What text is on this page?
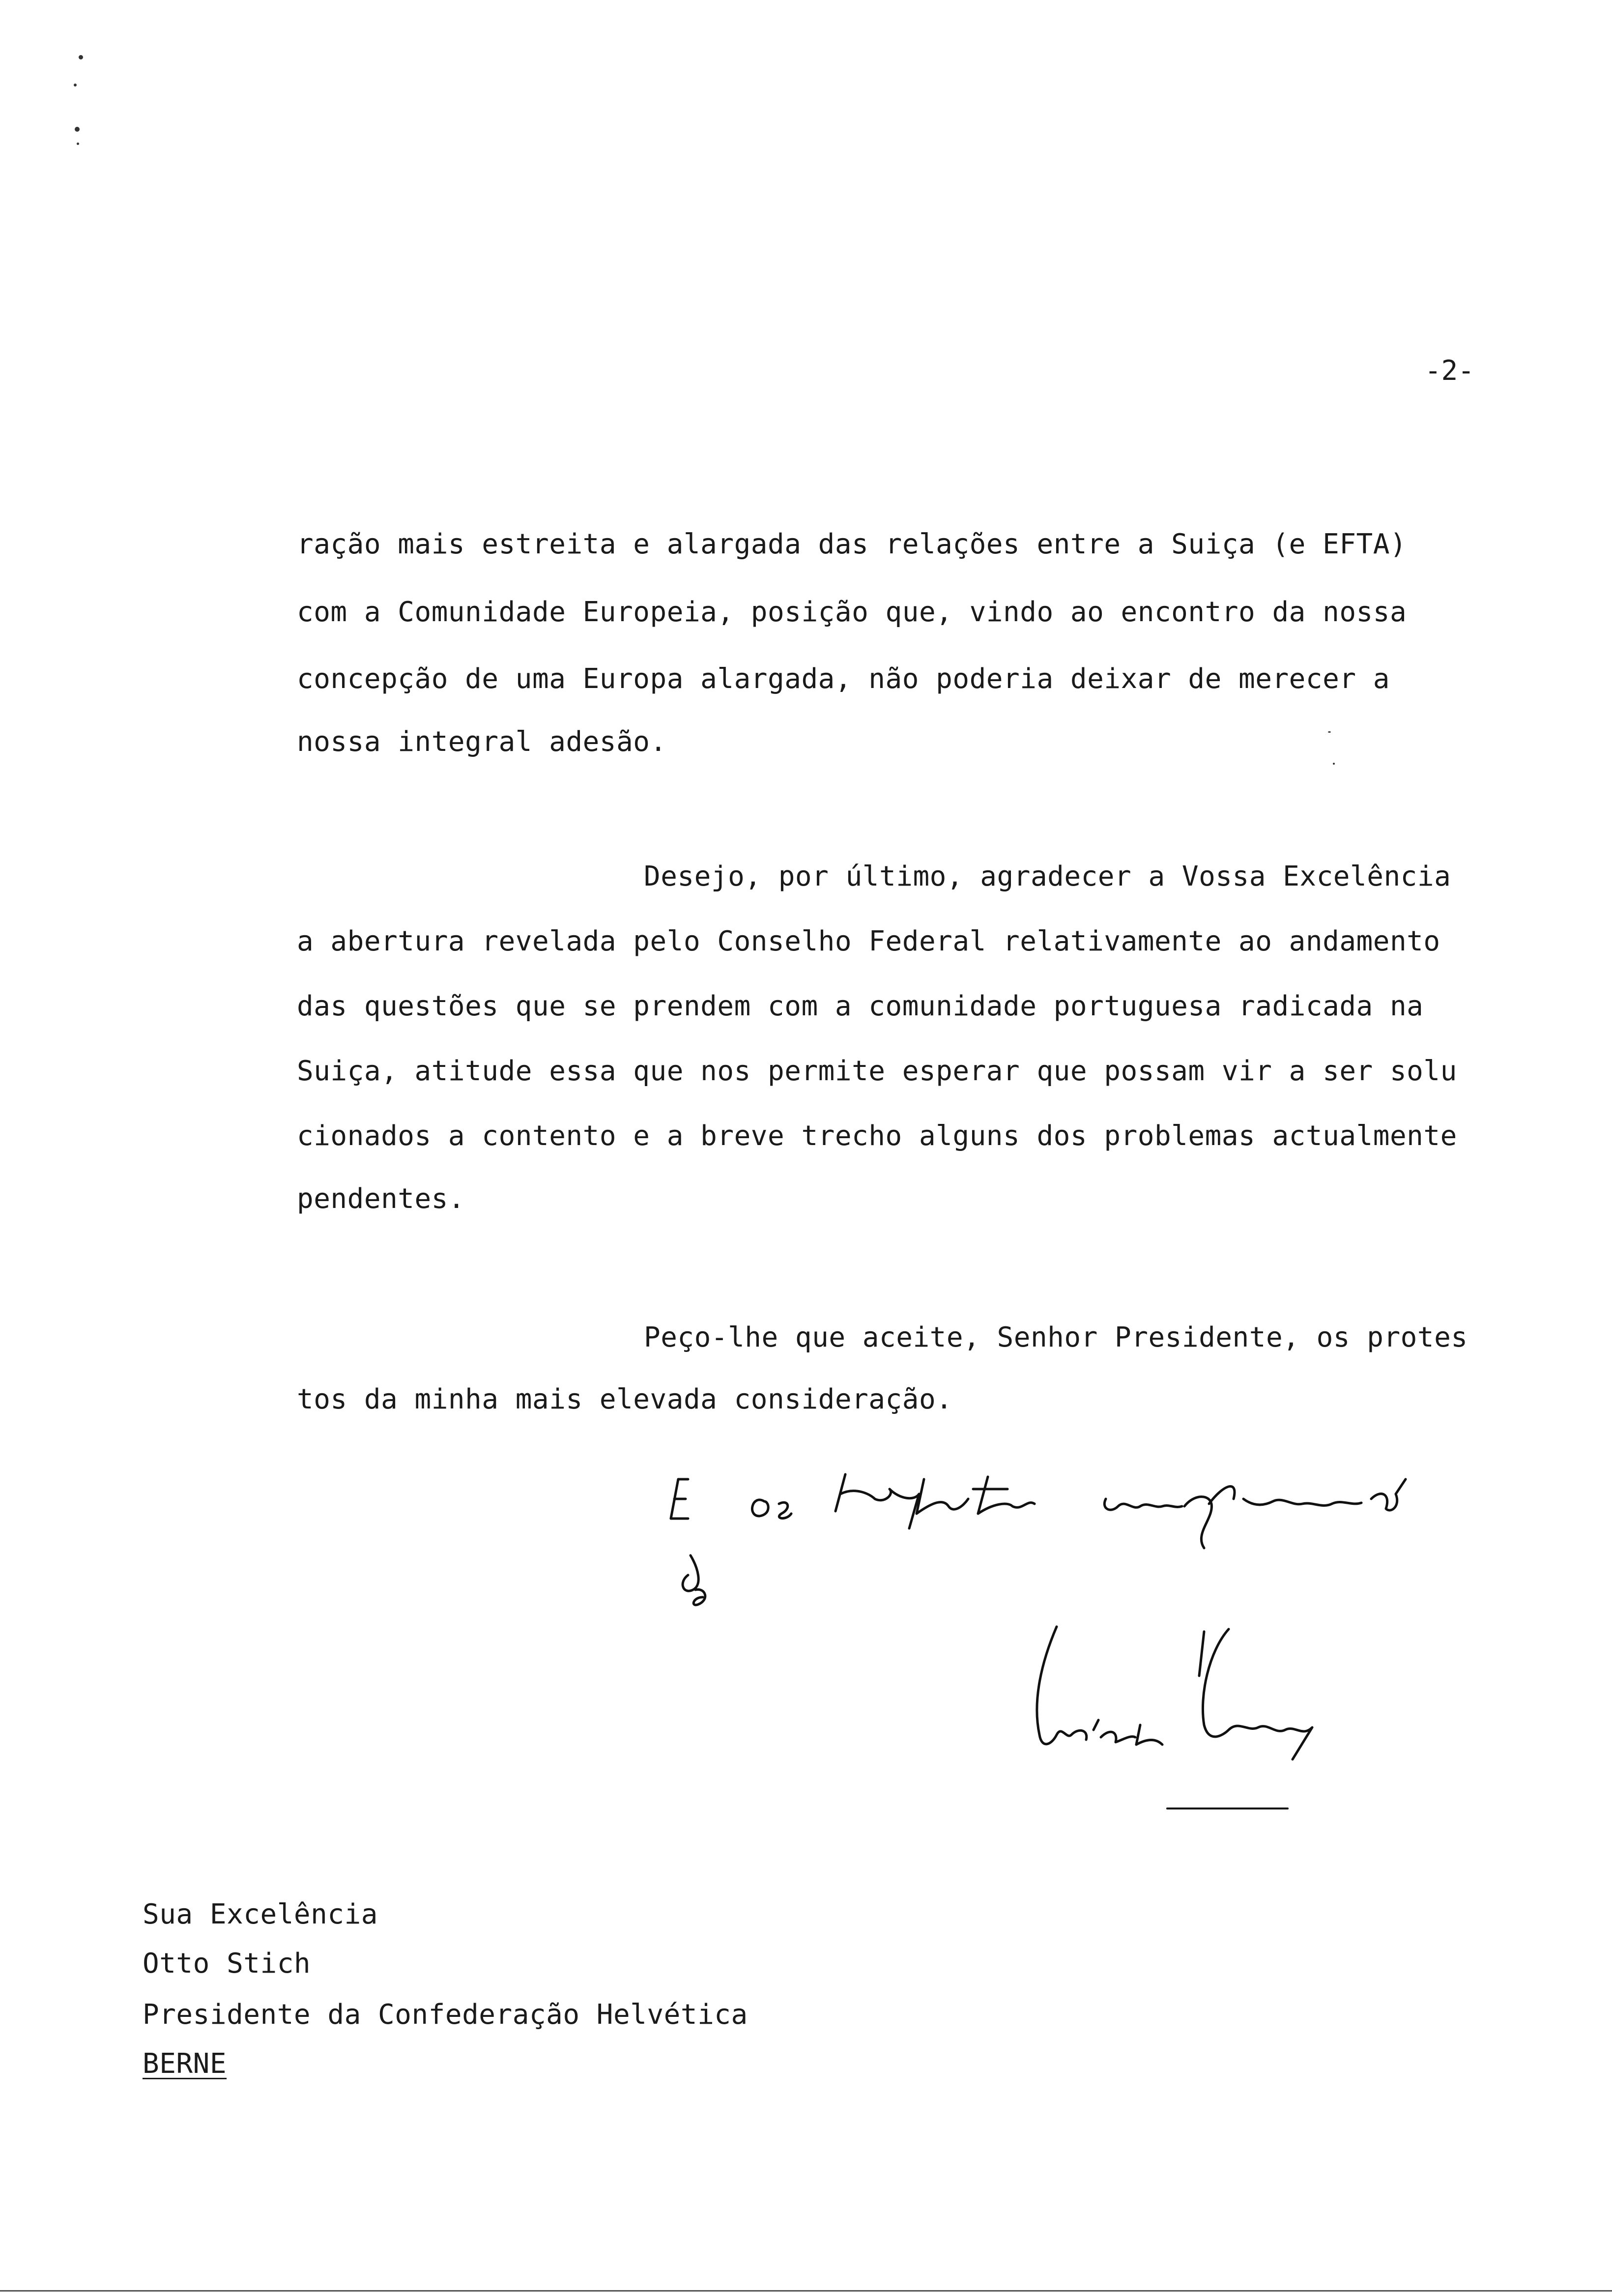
-2-
ração mais estreita e alargada das relações entre a Suiça (e EFTA)
com a Comunidade Europeia, posição que, vindo ao encontro da nossa
concepção de uma Europa alargada, não poderia deixar de merecer a
nossa integral adesão.
Desejo, por último, agradecer a Vossa Excelência
a abertura revelada pelo Conselho Federal relativamente ao andamento
das questões que se prendem com a comunidade portuguesa radicada na
Suiça, atitude essa que nos permite esperar que possam vir a ser solu
cionados a contento e a breve trecho alguns dos problemas actualmente
pendentes.
Peço-lhe que aceite, Senhor Presidente, os protes
tos da minha mais elevada consideração.
Sua Excelência
Otto Stich
Presidente da Confederação Helvética
BERNE
